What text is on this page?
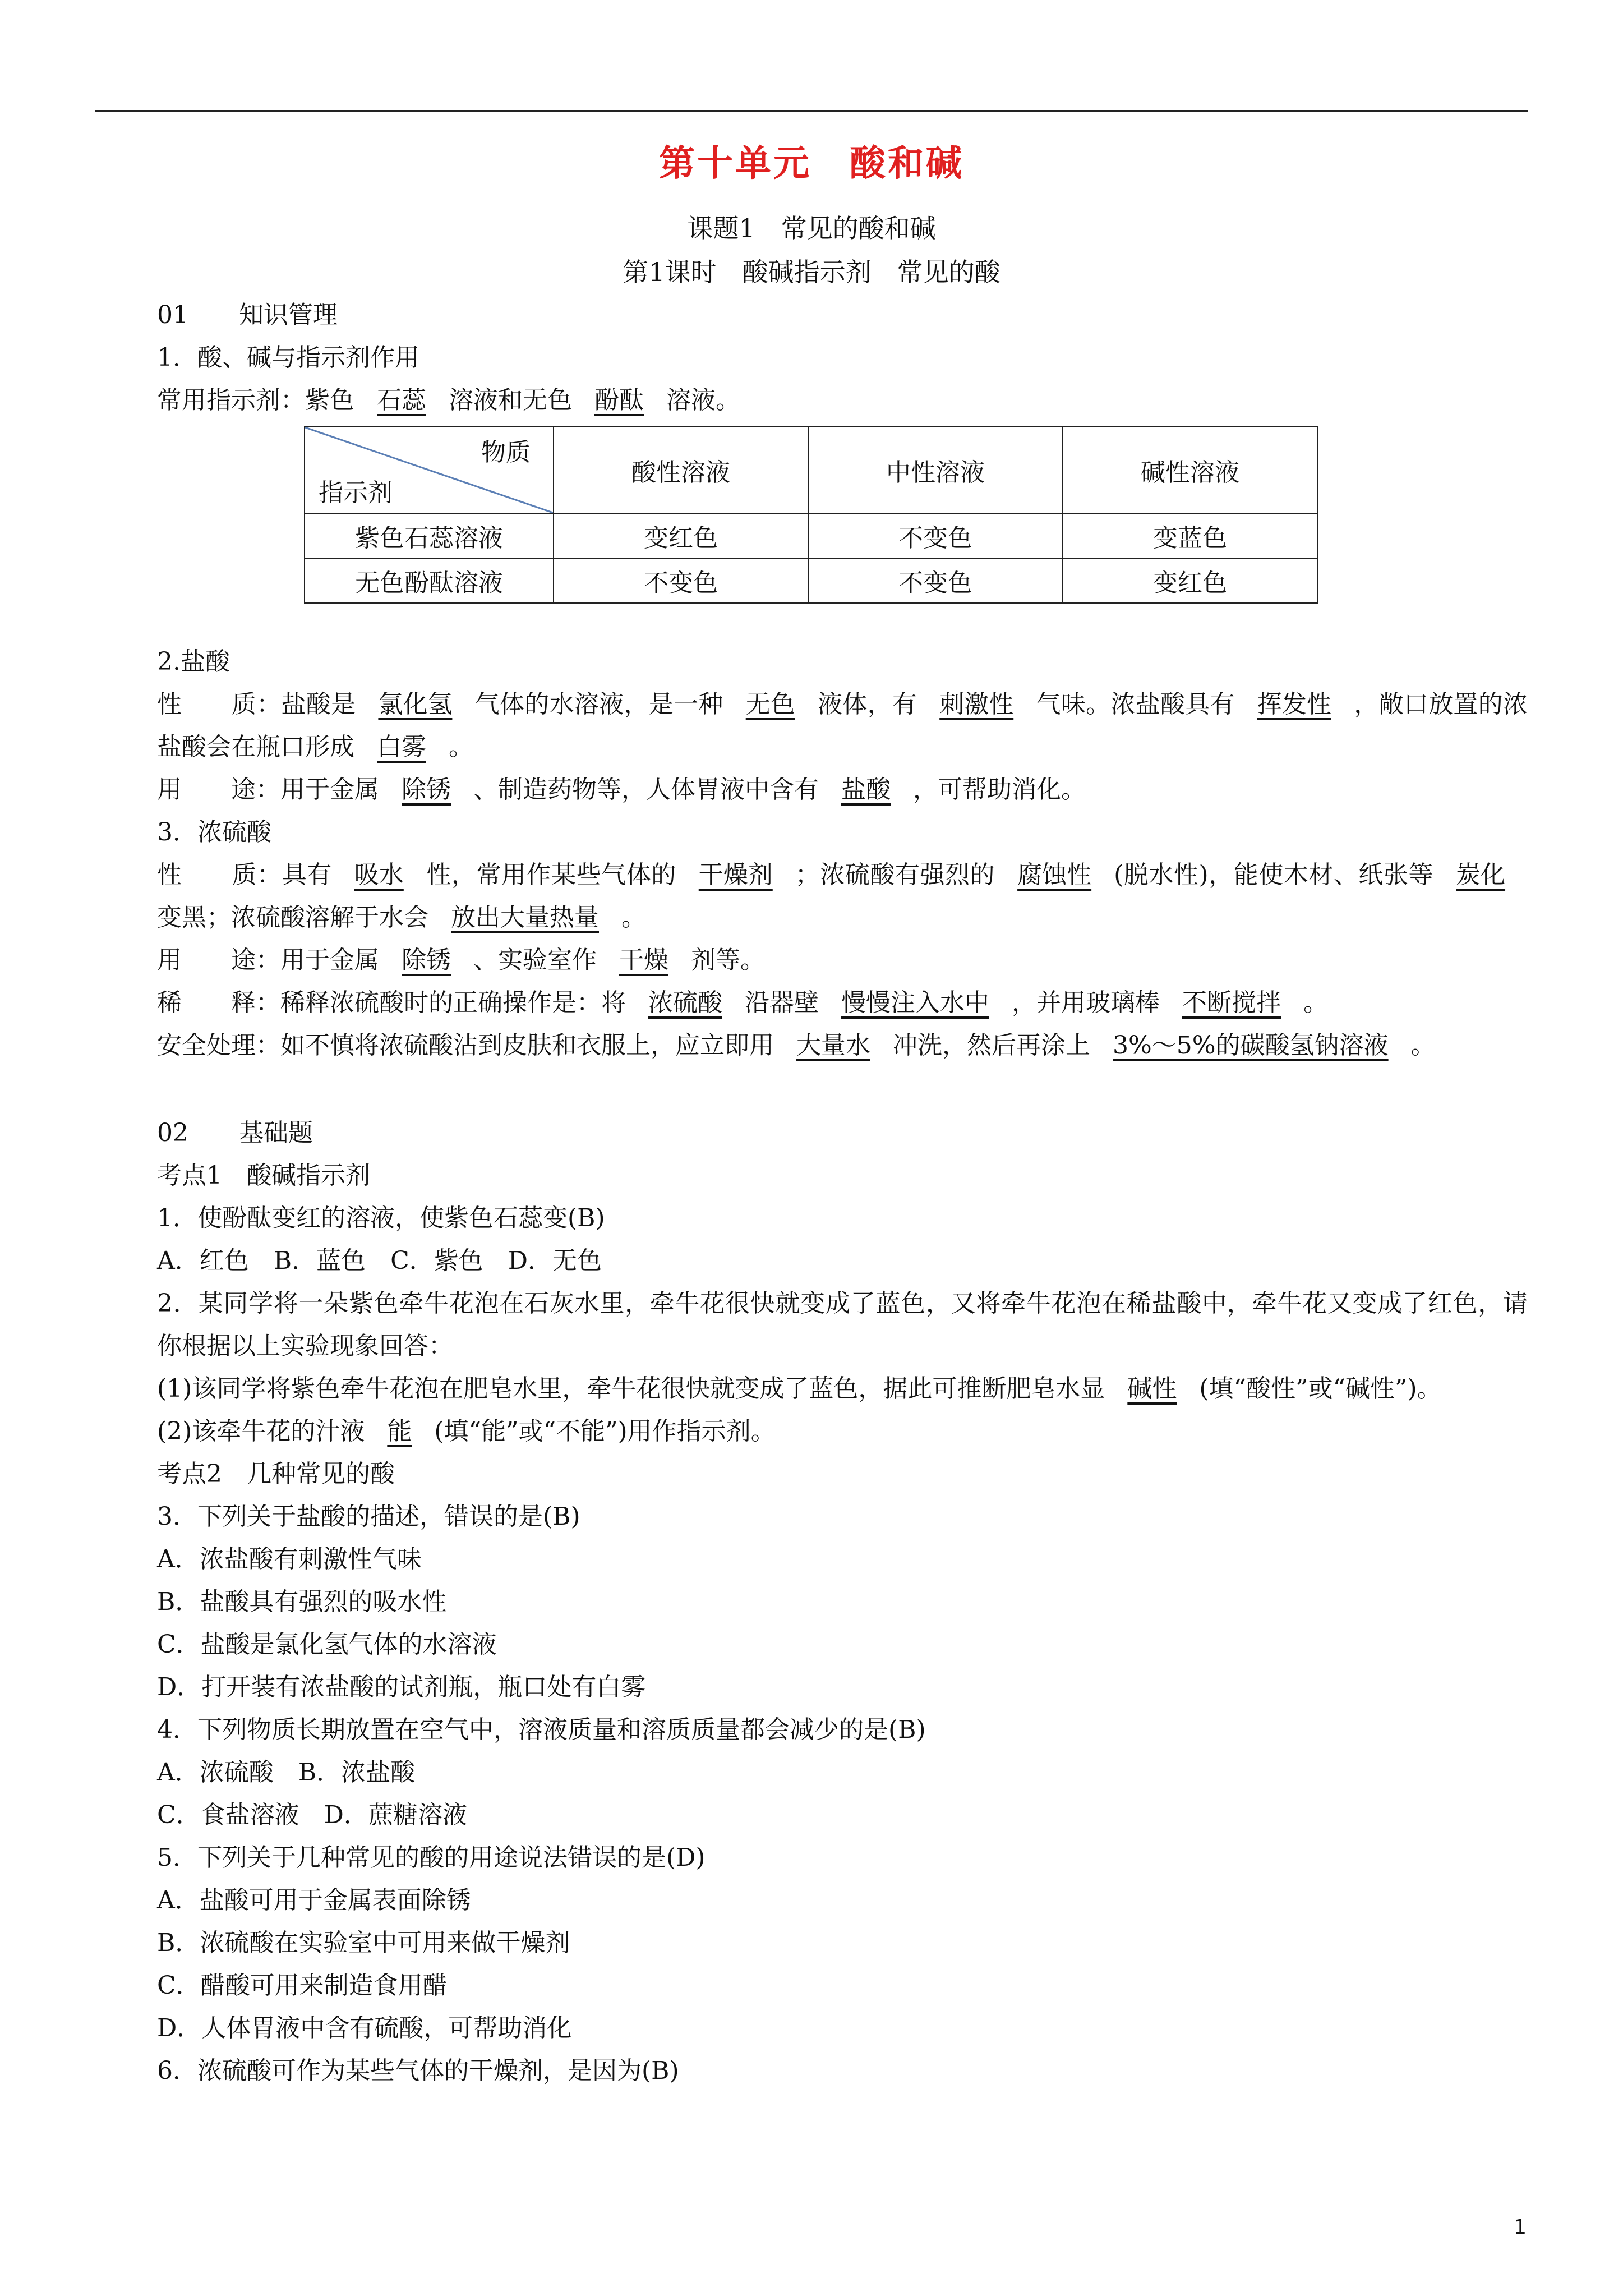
第十单元　酸和碱
课题1　常见的酸和碱
第1课时　酸碱指示剂　常见的酸
01 知识管理
1．酸、碱与指示剂作用
常用指示剂：紫色 石蕊 溶液和无色 酚酞 溶液。
物质
指示剂	酸性溶液	中性溶液	碱性溶液
紫色石蕊溶液	变红色	不变色	变蓝色
无色酚酞溶液	不变色	不变色	变红色
2.盐酸
性　　质：盐酸是 氯化氢 气体的水溶液，是一种 无色 液体，有 刺激性 气味。浓盐酸具有 挥发性 ，敞口放置的浓盐酸会在瓶口形成 白雾 。
用　　途：用于金属 除锈 、制造药物等，人体胃液中含有 盐酸 ，可帮助消化。
3．浓硫酸
性　　质：具有 吸水 性，常用作某些气体的 干燥剂 ；浓硫酸有强烈的 腐蚀性 (脱水性)，能使木材、纸张等 炭化变黑；浓硫酸溶解于水会 放出大量热量 。
用　　途：用于金属 除锈 、实验室作 干燥 剂等。
稀　　释：稀释浓硫酸时的正确操作是：将 浓硫酸 沿器壁 慢慢注入水中 ，并用玻璃棒 不断搅拌 。
安全处理：如不慎将浓硫酸沾到皮肤和衣服上，应立即用 大量水 冲洗，然后再涂上 3%～5%的碳酸氢钠溶液 。
02 基础题
考点1　酸碱指示剂
1．使酚酞变红的溶液，使紫色石蕊变(B)
A．红色　B．蓝色　C．紫色　D．无色
2．某同学将一朵紫色牵牛花泡在石灰水里，牵牛花很快就变成了蓝色，又将牵牛花泡在稀盐酸中，牵牛花又变成了红色，请你根据以上实验现象回答：
(1)该同学将紫色牵牛花泡在肥皂水里，牵牛花很快就变成了蓝色，据此可推断肥皂水显 碱性 (填“酸性”或“碱性”)。
(2)该牵牛花的汁液 能 (填“能”或“不能”)用作指示剂。
考点2　几种常见的酸
3．下列关于盐酸的描述，错误的是(B)
A．浓盐酸有刺激性气味
B．盐酸具有强烈的吸水性
C．盐酸是氯化氢气体的水溶液
D．打开装有浓盐酸的试剂瓶，瓶口处有白雾
4．下列物质长期放置在空气中，溶液质量和溶质质量都会减少的是(B)
A．浓硫酸　B．浓盐酸
C．食盐溶液　D．蔗糖溶液
5．下列关于几种常见的酸的用途说法错误的是(D)
A．盐酸可用于金属表面除锈
B．浓硫酸在实验室中可用来做干燥剂
C．醋酸可用来制造食用醋
D．人体胃液中含有硫酸，可帮助消化
6．浓硫酸可作为某些气体的干燥剂，是因为(B)
1
